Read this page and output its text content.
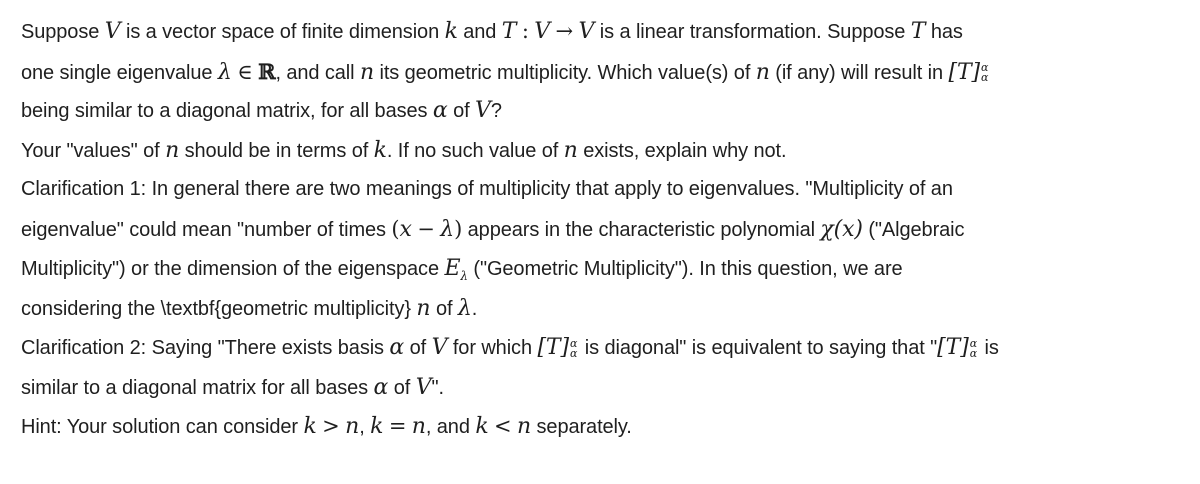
Suppose V is a vector space of finite dimension k and T : V → V is a linear transformation. Suppose T has
one single eigenvalue λ ∈ ℝ, and call n its geometric multiplicity. Which value(s) of n (if any) will result in [T] α
α
being similar to a diagonal matrix, for all bases α of V?
Your "values" of n should be in terms of k. If no such value of n exists, explain why not.
Clarification 1: In general there are two meanings of multiplicity that apply to eigenvalues. "Multiplicity of an
eigenvalue" could mean "number of times (x − λ) appears in the characteristic polynomial χ(x) ("Algebraic
Multiplicity") or the dimension of the eigenspace $E_\lambda$ ("Geometric Multiplicity"). In this question, we are
considering the \textbf{geometric multiplicity} n of λ.
Clarification 2: Saying "There exists basis α of V for which [T] α
α is diagonal" is equivalent to saying that "[T] α
α is
similar to a diagonal matrix for all bases α of V".
Hint: Your solution can consider k > n, k = n, and k < n separately.
